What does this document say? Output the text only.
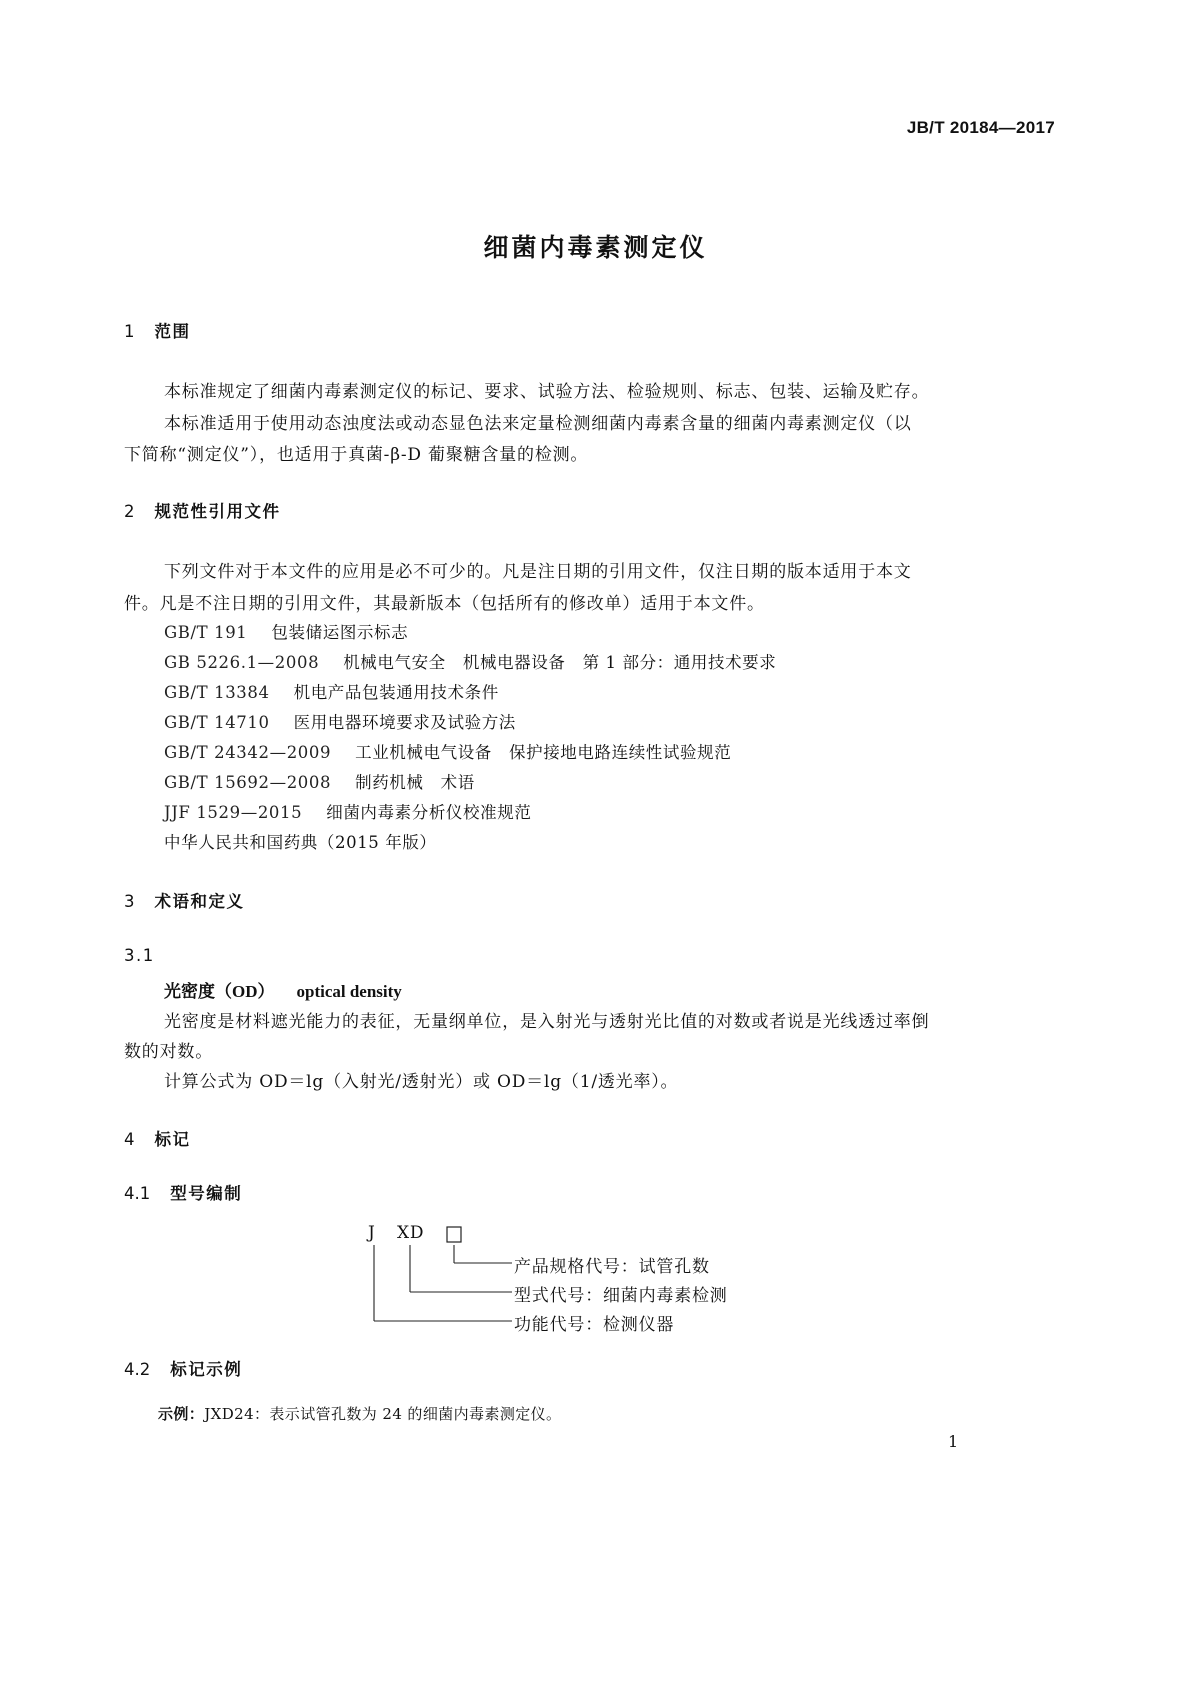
JB/T 20184—2017
细菌内毒素测定仪
1 范围
本标准规定了细菌内毒素测定仪的标记、要求、试验方法、检验规则、标志、包装、运输及贮存。
本标准适用于使用动态浊度法或动态显色法来定量检测细菌内毒素含量的细菌内毒素测定仪（以
下简称“测定仪”），也适用于真菌-β-D 葡聚糖含量的检测。
2 规范性引用文件
下列文件对于本文件的应用是必不可少的。凡是注日期的引用文件，仅注日期的版本适用于本文
件。凡是不注日期的引用文件，其最新版本（包括所有的修改单）适用于本文件。
GB/T 191 包装储运图示标志
GB 5226.1—2008 机械电气安全　机械电器设备　第 1 部分：通用技术要求
GB/T 13384 机电产品包装通用技术条件
GB/T 14710 医用电器环境要求及试验方法
GB/T 24342—2009 工业机械电气设备　保护接地电路连续性试验规范
GB/T 15692—2008 制药机械　术语
JJF 1529—2015 细菌内毒素分析仪校准规范
中华人民共和国药典（2015 年版）
3 术语和定义
3.1
光密度（OD） optical density
光密度是材料遮光能力的表征，无量纲单位，是入射光与透射光比值的对数或者说是光线透过率倒
数的对数。
计算公式为 OD＝lg（入射光/透射光）或 OD＝lg（1/透光率）。
4 标记
4.1 型号编制
J XD
产品规格代号：试管孔数
型式代号：细菌内毒素检测
功能代号：检测仪器
4.2 标记示例
示例：JXD24：表示试管孔数为 24 的细菌内毒素测定仪。
1
